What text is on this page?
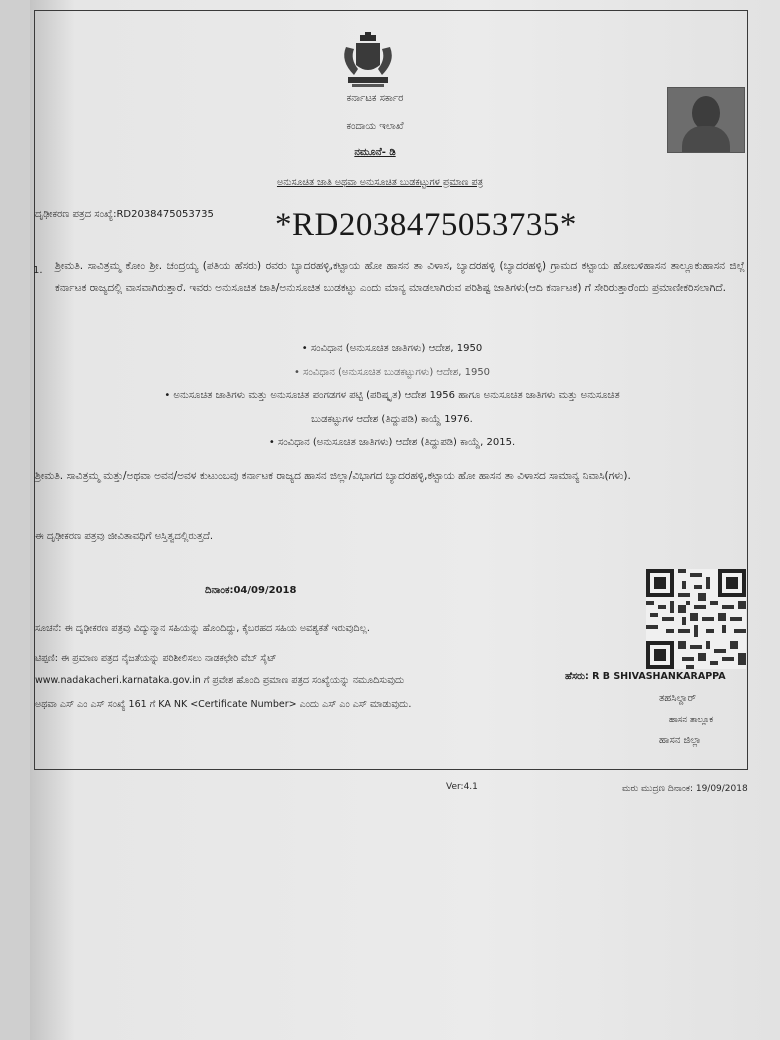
ಕರ್ನಾಟಕ ಸರ್ಕಾರ
ಕಂದಾಯ ಇಲಾಖೆ
ನಮೂನೆ- ಡಿ
ಅನುಸೂಚಿತ ಜಾತಿ ಅಥವಾ ಅನುಸೂಚಿತ ಬುಡಕಟ್ಟುಗಳ ಪ್ರಮಾಣ ಪತ್ರ
ದೃಢೀಕರಣ ಪತ್ರದ ಸಂಖ್ಯೆ:RD2038475053735 *RD2038475053735*
1. ಶ್ರೀಮತಿ. ಸಾವಿತ್ರಮ್ಮ ಕೋಂ ಶ್ರೀ. ಚಂದ್ರಯ್ಯ (ಪತಿಯ ಹೆಸರು) ರವರು ಬ್ಯಾದರಹಳ್ಳಿ,ಕಟ್ಟಾಯ ಹೋ ಹಾಸನ ತಾ ವಿಳಾಸ, ಬ್ಯಾದರಹಳ್ಳಿ (ಬ್ಯಾದರಹಳ್ಳಿ) ಗ್ರಾಮದ ಕಟ್ಟಾಯ ಹೋಬಳಿಹಾಸನ ತಾಲ್ಲೂಕುಹಾಸನ ಜಿಲ್ಲೆ ಕರ್ನಾಟಕ ರಾಜ್ಯದಲ್ಲಿ ವಾಸವಾಗಿರುತ್ತಾರೆ. ಇವರು ಅನುಸೂಚಿತ ಜಾತಿ/ಅನುಸೂಚಿತ ಬುಡಕಟ್ಟು ಎಂದು ಮಾನ್ಯ ಮಾಡಲಾಗಿರುವ ಪರಿಶಿಷ್ಟ ಜಾತಿಗಳು(ಆದಿ ಕರ್ನಾಟಕ) ಗೆ ಸೇರಿರುತ್ತಾರೆಂದು ಪ್ರಮಾಣೀಕರಿಸಲಾಗಿದೆ.
• ಸಂವಿಧಾನ (ಅನುಸೂಚಿತ ಜಾತಿಗಳು) ಆದೇಶ, 1950
• ಸಂವಿಧಾನ (ಅನುಸೂಚಿತ ಬುಡಕಟ್ಟುಗಳು) ಆದೇಶ, 1950
• ಅನುಸೂಚಿತ ಜಾತಿಗಳು ಮತ್ತು ಅನುಸೂಚಿತ ಪಂಗಡಗಳ ಪಟ್ಟಿ (ಪರಿಷ್ಕೃತ) ಆದೇಶ 1956 ಹಾಗೂ ಅನುಸೂಚಿತ ಜಾತಿಗಳು ಮತ್ತು ಅನುಸೂಚಿತ
ಬುಡಕಟ್ಟುಗಳ ಆದೇಶ (ತಿದ್ದುಪಡಿ) ಕಾಯ್ದೆ 1976.
• ಸಂವಿಧಾನ (ಅನುಸೂಚಿತ ಜಾತಿಗಳು) ಆದೇಶ (ತಿದ್ದುಪಡಿ) ಕಾಯ್ದೆ, 2015.
ಶ್ರೀಮತಿ. ಸಾವಿತ್ರಮ್ಮ ಮತ್ತು/ಅಥವಾ ಅವನ/ಅವಳ ಕುಟುಂಬವು ಕರ್ನಾಟಕ ರಾಜ್ಯದ ಹಾಸನ ಜಿಲ್ಲಾ/ವಿಭಾಗದ ಬ್ಯಾದರಹಳ್ಳಿ,ಕಟ್ಟಾಯ ಹೋ ಹಾಸನ ತಾ ವಿಳಾಸದ ಸಾಮಾನ್ಯ ನಿವಾಸಿ(ಗಳು).
ಈ ದೃಢೀಕರಣ ಪತ್ರವು ಜೀವಿತಾವಧಿಗೆ ಅಸ್ತಿತ್ವದಲ್ಲಿರುತ್ತದೆ.
ದಿನಾಂಕ:04/09/2018
ಸೂಚನೆ: ಈ ದೃಢೀಕರಣ ಪತ್ರವು ವಿದ್ಯುನ್ಮಾನ ಸಹಿಯನ್ನು ಹೊಂದಿದ್ದು, ಕೈಬರಹದ ಸಹಿಯ ಅವಶ್ಯಕತೆ ಇರುವುದಿಲ್ಲ.
ಟಿಪ್ಪಣಿ: ಈ ಪ್ರಮಾಣ ಪತ್ರದ ನೈಜತೆಯನ್ನು ಪರಿಶೀಲಿಸಲು ನಾಡಕಛೇರಿ ವೆಬ್ ಸೈಟ್
www.nadakacheri.karnataka.gov.in ಗೆ ಪ್ರವೇಶ ಹೊಂದಿ ಪ್ರಮಾಣ ಪತ್ರದ ಸಂಖ್ಯೆಯನ್ನು ನಮೂದಿಸುವುದು
ಅಥವಾ ಎಸ್ ಎಂ ಎಸ್ ಸಂಖ್ಯೆ 161 ಗೆ KA NK <Certificate Number> ಎಂದು ಎಸ್ ಎಂ ಎಸ್ ಮಾಡುವುದು.
ಹೆಸರು: R B SHIVASHANKARAPPA
ತಹಸಿಲ್ದಾರ್
ಹಾಸನ ತಾಲ್ಲೂಕ
ಹಾಸನ ಜಿಲ್ಲಾ
Ver:4.1	ಮರು ಮುದ್ರಣ ದಿನಾಂಕ: 19/09/2018
